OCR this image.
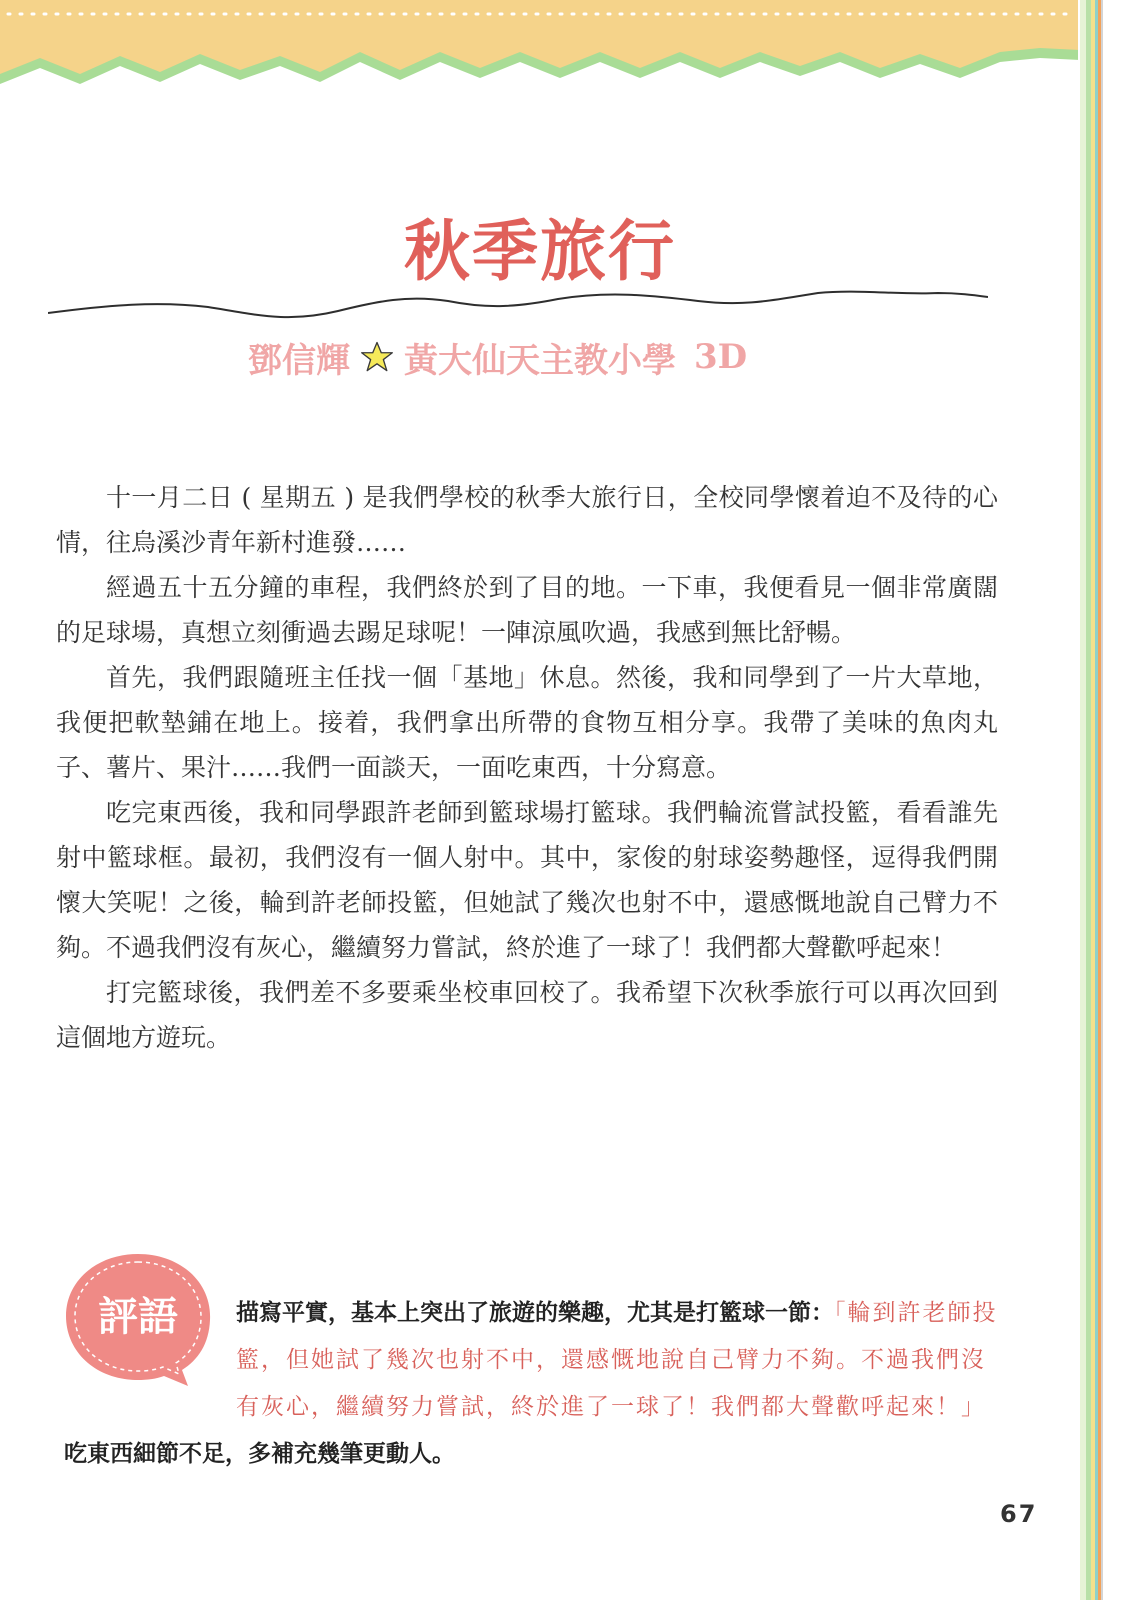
秋季旅行
鄧信輝 黃大仙天主教小學 3D

十一月二日 ( 星期五 ) 是我們學校的秋季大旅行日，全校同學懷着迫不及待的心情，往烏溪沙青年新村進發……

經過五十五分鐘的車程，我們終於到了目的地。一下車，我便看見一個非常廣闊的足球場，真想立刻衝過去踢足球呢！一陣涼風吹過，我感到無比舒暢。

首先，我們跟隨班主任找一個「基地」休息。然後，我和同學到了一片大草地，我便把軟墊鋪在地上。接着，我們拿出所帶的食物互相分享。我帶了美味的魚肉丸子、薯片、果汁……我們一面談天，一面吃東西，十分寫意。

吃完東西後，我和同學跟許老師到籃球場打籃球。我們輪流嘗試投籃，看看誰先射中籃球框。最初，我們沒有一個人射中。其中，家俊的射球姿勢趣怪，逗得我們開懷大笑呢！之後，輪到許老師投籃，但她試了幾次也射不中，還感慨地說自己臂力不夠。不過我們沒有灰心，繼續努力嘗試，終於進了一球了！我們都大聲歡呼起來！

打完籃球後，我們差不多要乘坐校車回校了。我希望下次秋季旅行可以再次回到這個地方遊玩。

評語	描寫平實，基本上突出了旅遊的樂趣，尤其是打籃球一節：「輪到許老師投籃，但她試了幾次也射不中，還感慨地說自己臂力不夠。不過我們沒有灰心，繼續努力嘗試，終於進了一球了！我們都大聲歡呼起來！」

吃東西細節不足，多補充幾筆更動人。

67
